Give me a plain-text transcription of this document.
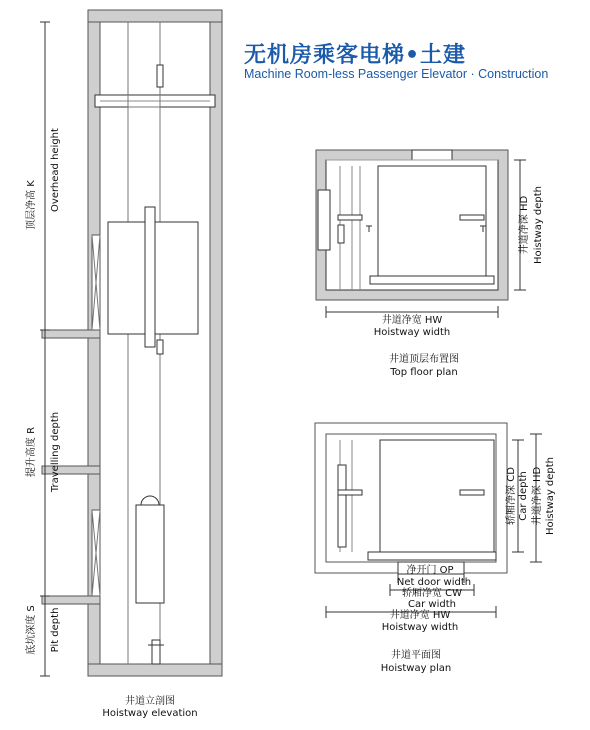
无机房乘客电梯•土建
Machine Room-less Passenger Elevator · Construction
顶层净高 K Overhead height
提升高度 R Travelling depth
底坑深度 S Pit depth
井道立剖图
Hoistway elevation
井道净宽 HW
Hoistway width
井道净深 HD Hoistway depth
井道顶层布置图
Top floor plan
净开门 OP
Net door width
轿厢净宽 CW
Car width
井道净宽 HW
Hoistway width
轿厢净深 CD Car depth 井道净深 HD Hoistway depth
井道平面图
Hoistway plan
